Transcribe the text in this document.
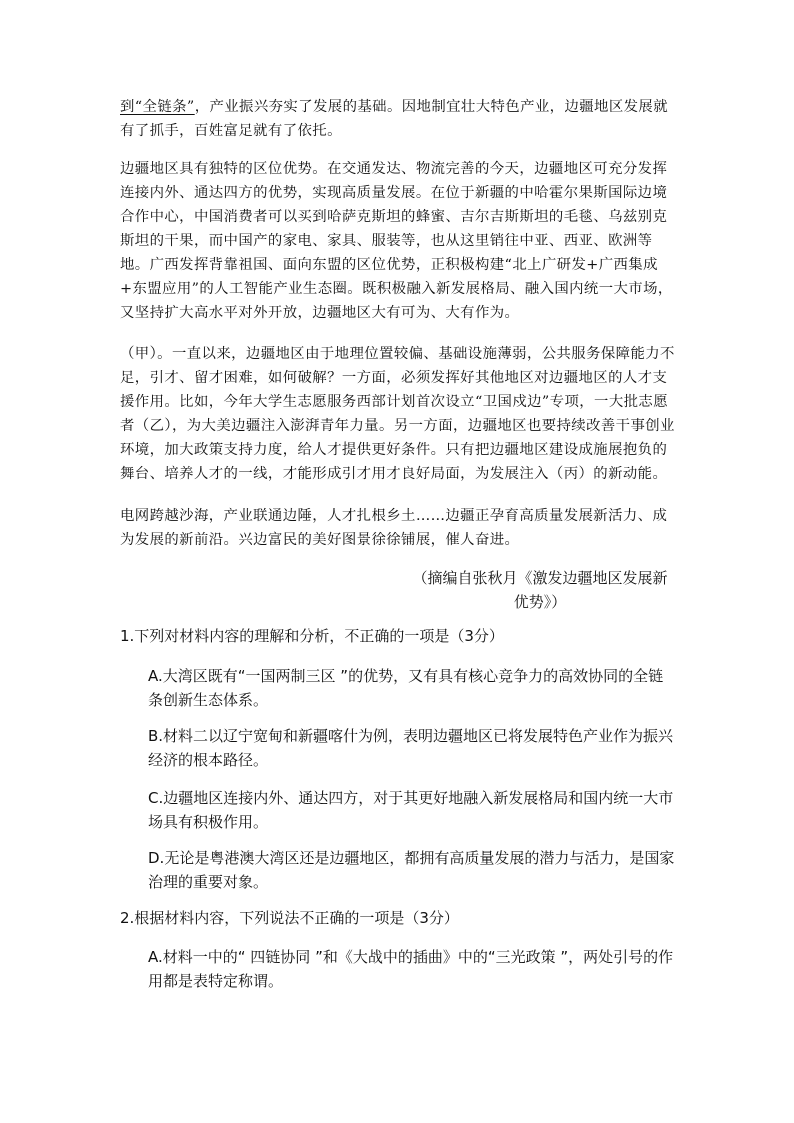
到“全链条”，产业振兴夯实了发展的基础。因地制宜壮大特色产业，边疆地区发展就有了抓手，百姓富足就有了依托。
边疆地区具有独特的区位优势。在交通发达、物流完善的今天，边疆地区可充分发挥连接内外、通达四方的优势，实现高质量发展。在位于新疆的中哈霍尔果斯国际边境合作中心，中国消费者可以买到哈萨克斯坦的蜂蜜、吉尔吉斯斯坦的毛毯、乌兹别克斯坦的干果，而中国产的家电、家具、服装等，也从这里销往中亚、西亚、欧洲等地。广西发挥背靠祖国、面向东盟的区位优势，正积极构建“北上广研发+广西集成+东盟应用”的人工智能产业生态圈。既积极融入新发展格局、融入国内统一大市场，又坚持扩大高水平对外开放，边疆地区大有可为、大有作为。
（甲）。一直以来，边疆地区由于地理位置较偏、基础设施薄弱，公共服务保障能力不足，引才、留才困难，如何破解？一方面，必须发挥好其他地区对边疆地区的人才支援作用。比如，今年大学生志愿服务西部计划首次设立“卫国戍边”专项，一大批志愿者（乙），为大美边疆注入澎湃青年力量。另一方面，边疆地区也要持续改善干事创业环境，加大政策支持力度，给人才提供更好条件。只有把边疆地区建设成施展抱负的舞台、培养人才的一线，才能形成引才用才良好局面，为发展注入（丙）的新动能。
电网跨越沙海，产业联通边陲，人才扎根乡土……边疆正孕育高质量发展新活力、成为发展的新前沿。兴边富民的美好图景徐徐铺展，催人奋进。
（摘编自张秋月《激发边疆地区发展新优势》）
1.下列对材料内容的理解和分析，不正确的一项是（3分）
A.大湾区既有“一国两制三区 ”的优势，又有具有核心竞争力的高效协同的全链条创新生态体系。
B.材料二以辽宁宽甸和新疆喀什为例，表明边疆地区已将发展特色产业作为振兴经济的根本路径。
C.边疆地区连接内外、通达四方，对于其更好地融入新发展格局和国内统一大市场具有积极作用。
D.无论是粤港澳大湾区还是边疆地区，都拥有高质量发展的潜力与活力，是国家治理的重要对象。
2.根据材料内容，下列说法不正确的一项是（3分）
A.材料一中的“ 四链协同 ”和《大战中的插曲》中的“三光政策 ”，两处引号的作用都是表特定称谓。
